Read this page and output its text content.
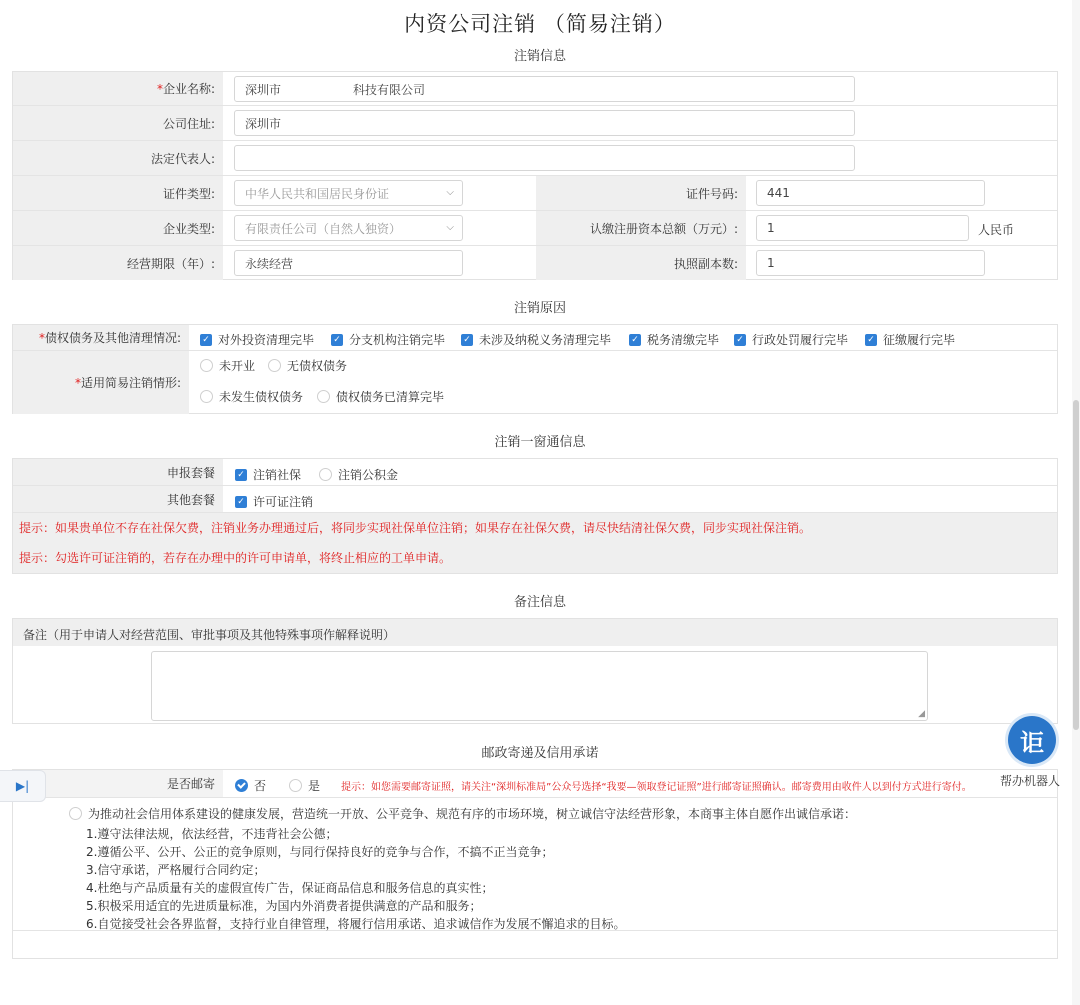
内资公司注销 （简易注销）
注销信息
* 企业名称:	深圳市　　　　　　科技有限公司
公司住址:	深圳市
法定代表人:
证件类型:	中华人民共和国居民身份证	⌵	证件号码:	441
企业类型:	有限责任公司（自然人独资）	⌵	认缴注册资本总额（万元）:	1	人民币
经营期限（年）:	永续经营	执照副本数:	1
注销原因
* 债权债务及其他清理情况: ✓ 对外投资清理完毕 ✓ 分支机构注销完毕 ✓ 未涉及纳税义务清理完毕 ✓ 税务清缴完毕 ✓ 行政处罚履行完毕 ✓ 征缴履行完毕
* 适用简易注销情形:
未开业	无债权债务
未发生债权债务	债权债务已清算完毕
注销一窗通信息
申报套餐	✓ 注销社保	注销公积金
其他套餐	✓ 许可证注销
提示：如果贵单位不存在社保欠费，注销业务办理通过后，将同步实现社保单位注销；如果存在社保欠费，请尽快结清社保欠费，同步实现社保注销。
提示：勾选许可证注销的，若存在办理中的许可申请单，将终止相应的工单申请。
备注信息
备注（用于申请人对经营范围、审批事项及其他特殊事项作解释说明）
◢
邮政寄递及信用承诺
是否邮寄	否	是 提示：如您需要邮寄证照，请关注“深圳标准局”公众号选择“我要—领取登记证照”进行邮寄证照确认。邮寄费用由收件人以到付方式进行寄付。
为推动社会信用体系建设的健康发展，营造统一开放、公平竞争、规范有序的市场环境，树立诚信守法经营形象，本商事主体自愿作出诚信承诺：
1.遵守法律法规，依法经营，不违背社会公德；
2.遵循公平、公开、公正的竞争原则，与同行保持良好的竞争与合作，不搞不正当竞争；
3.信守承诺，严格履行合同约定；
4.杜绝与产品质量有关的虚假宣传广告，保证商品信息和服务信息的真实性；
5.积极采用适宜的先进质量标准，为国内外消费者提供满意的产品和服务；
6.自觉接受社会各界监督，支持行业自律管理，将履行信用承诺、追求诚信作为发展不懈追求的目标。
▶|
讵
帮办机器人
